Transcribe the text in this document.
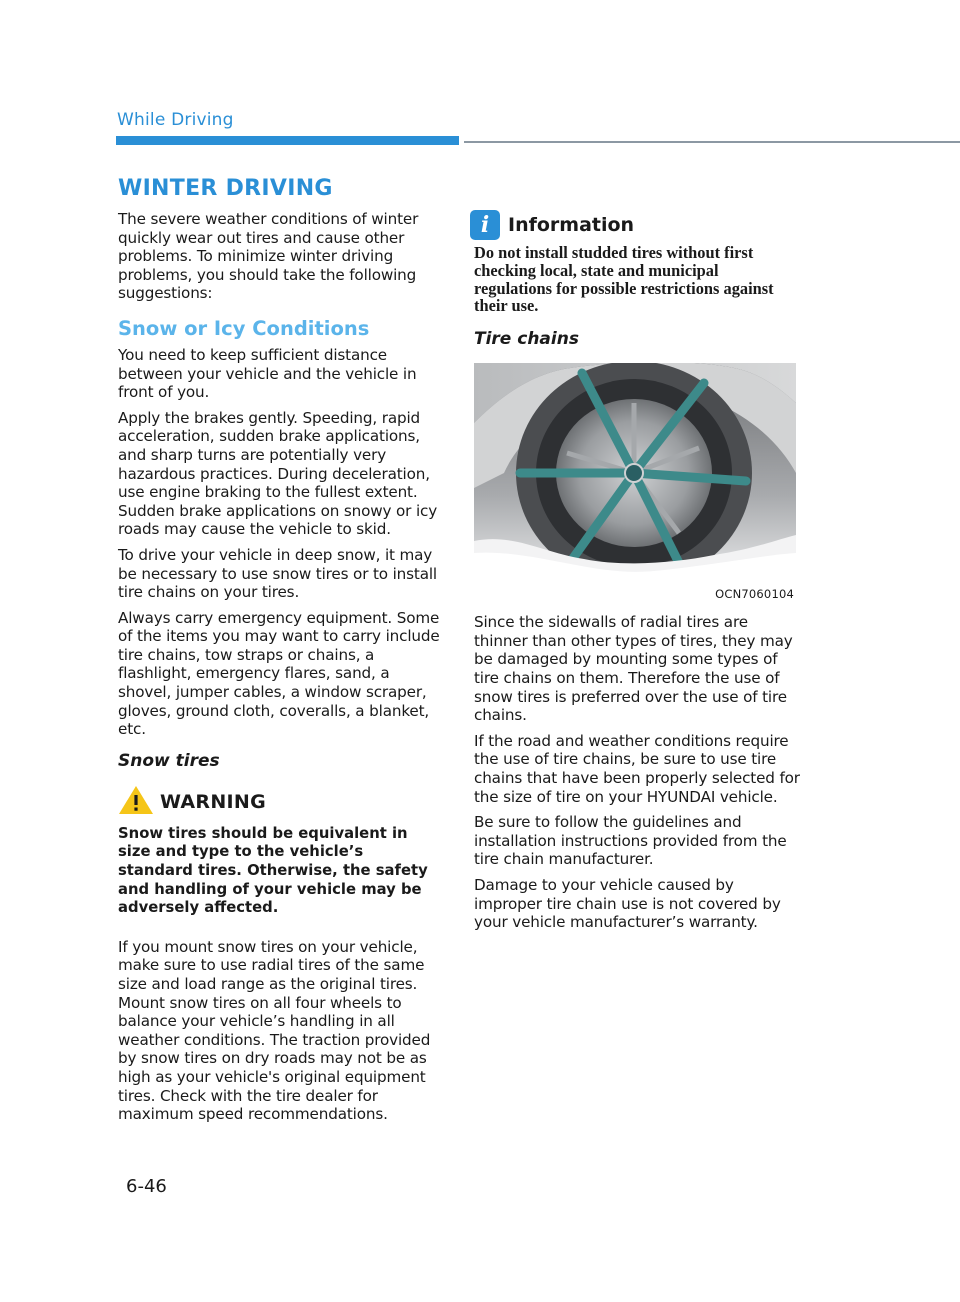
While Driving
WINTER DRIVING

The severe weather conditions of winter quickly wear out tires and cause other problems. To minimize winter driving problems, you should take the following suggestions:

Snow or Icy Conditions

You need to keep sufficient distance between your vehicle and the vehicle in front of you.

Apply the brakes gently. Speeding, rapid acceleration, sudden brake applications, and sharp turns are potentially very hazardous practices. During deceleration, use engine braking to the fullest extent. Sudden brake applications on snowy or icy roads may cause the vehicle to skid.

To drive your vehicle in deep snow, it may be necessary to use snow tires or to install tire chains on your tires.

Always carry emergency equipment. Some of the items you may want to carry include tire chains, tow straps or chains, a flashlight, emergency flares, sand, a shovel, jumper cables, a window scraper, gloves, ground cloth, coveralls, a blanket, etc.

Snow tires
WARNING
Snow tires should be equivalent in size and type to the vehicle’s standard tires. Otherwise, the safety and handling of your vehicle may be adversely affected.

If you mount snow tires on your vehicle, make sure to use radial tires of the same size and load range as the original tires. Mount snow tires on all four wheels to balance your vehicle’s handling in all weather conditions. The traction provided by snow tires on dry roads may not be as high as your vehicle's original equipment tires. Check with the tire dealer for maximum speed recommendations.

i Information
Do not install studded tires without first checking local, state and municipal regulations for possible restrictions against their use.
Tire chains
OCN7060104

Since the sidewalls of radial tires are thinner than other types of tires, they may be damaged by mounting some types of tire chains on them. Therefore the use of snow tires is preferred over the use of tire chains.

If the road and weather conditions require the use of tire chains, be sure to use tire chains that have been properly selected for the size of tire on your HYUNDAI vehicle.

Be sure to follow the guidelines and installation instructions provided from the tire chain manufacturer.

Damage to your vehicle caused by improper tire chain use is not covered by your vehicle manufacturer’s warranty.

6-46
